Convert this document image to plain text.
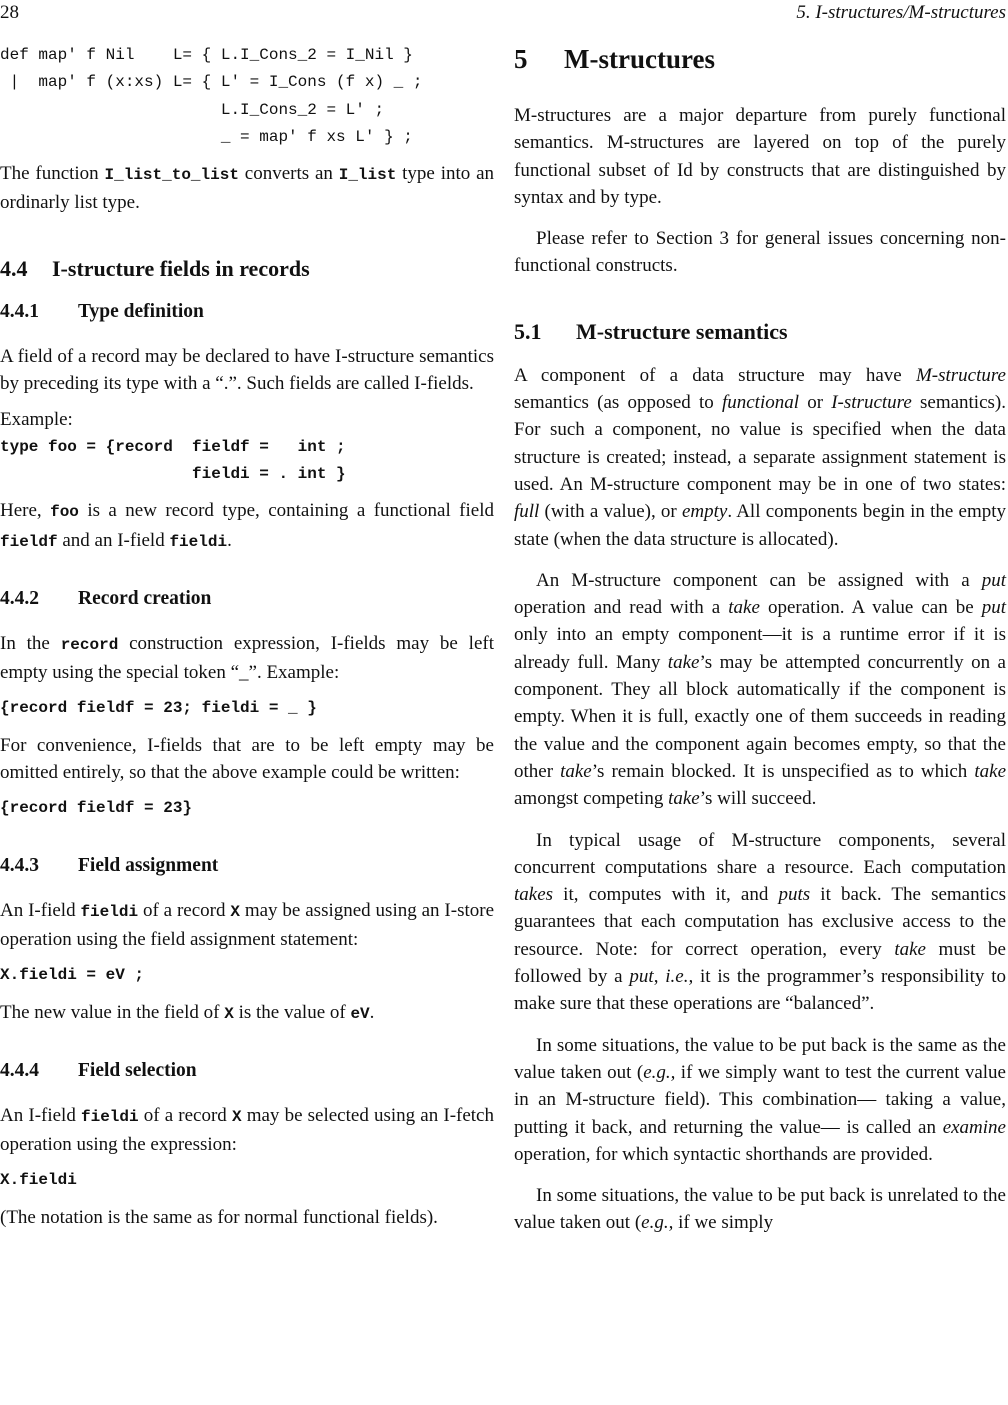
28	5. I-structures/M-structures
def map' f Nil    L= { L.I_Cons_2 = I_Nil }
|  map' f (x:xs) L= { L' = I_Cons (f x) _ ;
L.I_Cons_2 = L' ;
_ = map' f xs L' } ;

The function I_list_to_list converts an I_list type into an ordinarly list type.

4.4 I-structure fields in records
4.4.1 Type definition

A field of a record may be declared to have I-structure semantics by preceding its type with a “.”. Such fields are called I-fields.

Example:

type foo = {record  fieldf =   int ;
fieldi = . int }

Here, foo is a new record type, containing a functional field fieldf and an I-field fieldi.

4.4.2 Record creation

In the record construction expression, I-fields may be left empty using the special token “_”. Example:

{record fieldf = 23; fieldi = _ }

For convenience, I-fields that are to be left empty may be omitted entirely, so that the above example could be written:

{record fieldf = 23}
4.4.3 Field assignment

An I-field fieldi of a record X may be assigned using an I-store operation using the field assignment statement:

X.fieldi = eV ;

The new value in the field of X is the value of eV.

4.4.4 Field selection

An I-field fieldi of a record X may be selected using an I-fetch operation using the expression:

X.fieldi

(The notation is the same as for normal functional fields).

5 M-structures

M-structures are a major departure from purely functional semantics. M-structures are layered on top of the purely functional subset of Id by constructs that are distinguished by syntax and by type.

Please refer to Section 3 for general issues concerning non-functional constructs.

5.1 M-structure semantics

A component of a data structure may have M-structure semantics (as opposed to functional or I-structure semantics). For such a component, no value is specified when the data structure is created; instead, a separate assignment statement is used. An M-structure component may be in one of two states: full (with a value), or empty. All components begin in the empty state (when the data structure is allocated).

An M-structure component can be assigned with a put operation and read with a take operation. A value can be put only into an empty component—it is a runtime error if it is already full. Many take’s may be attempted concurrently on a component. They all block automatically if the component is empty. When it is full, exactly one of them succeeds in reading the value and the component again becomes empty, so that the other take’s remain blocked. It is unspecified as to which take amongst competing take’s will succeed.

In typical usage of M-structure components, several concurrent computations share a resource. Each computation takes it, computes with it, and puts it back. The semantics guarantees that each computation has exclusive access to the resource. Note: for correct operation, every take must be followed by a put, i.e., it is the programmer’s responsibility to make sure that these operations are “balanced”.

In some situations, the value to be put back is the same as the value taken out (e.g., if we simply want to test the current value in an M-structure field). This combination— taking a value, putting it back, and returning the value— is called an examine operation, for which syntactic shorthands are provided.

In some situations, the value to be put back is unrelated to the value taken out (e.g., if we simply
